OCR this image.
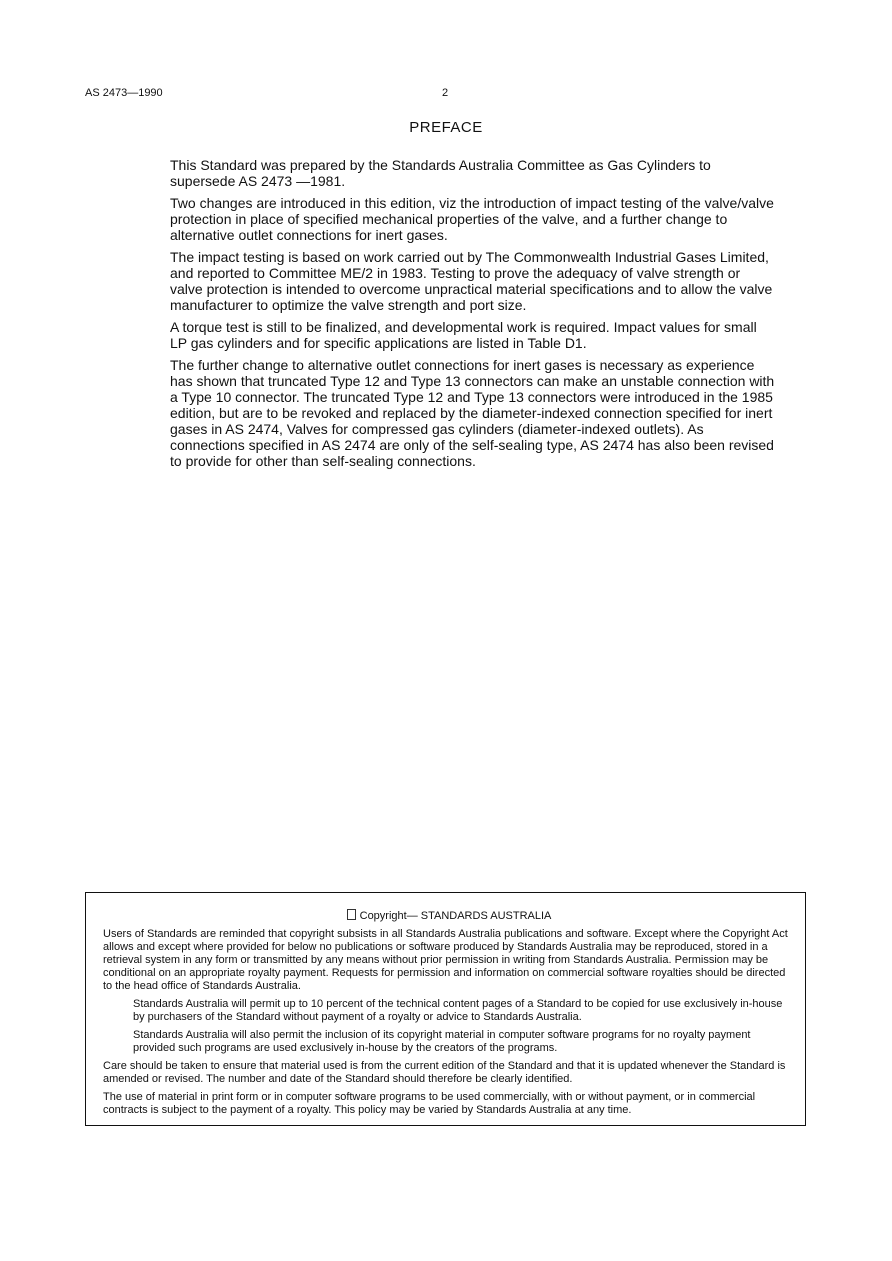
AS 2473—1990	2
PREFACE

This Standard was prepared by the Standards Australia Committee as Gas Cylinders to supersede AS 2473 —1981.

Two changes are introduced in this edition, viz the introduction of impact testing of the valve/valve protection in place of specified mechanical properties of the valve, and a further change to alternative outlet connections for inert gases.

The impact testing is based on work carried out by The Commonwealth Industrial Gases Limited, and reported to Committee ME/2 in 1983. Testing to prove the adequacy of valve strength or valve protection is intended to overcome unpractical material specifications and to allow the valve manufacturer to optimize the valve strength and port size.

A torque test is still to be finalized, and developmental work is required. Impact values for small LP gas cylinders and for specific applications are listed in Table D1.

The further change to alternative outlet connections for inert gases is necessary as experience has shown that truncated Type 12 and Type 13 connectors can make an unstable connection with a Type 10 connector. The truncated Type 12 and Type 13 connectors were introduced in the 1985 edition, but are to be revoked and replaced by the diameter-indexed connection specified for inert gases in AS 2474, Valves for compressed gas cylinders (diameter-indexed outlets). As connections specified in AS 2474 are only of the self-sealing type, AS 2474 has also been revised to provide for other than self-sealing connections.

Copyright— STANDARDS AUSTRALIA

Users of Standards are reminded that copyright subsists in all Standards Australia publications and software. Except where the Copyright Act allows and except where provided for below no publications or software produced by Standards Australia may be reproduced, stored in a retrieval system in any form or transmitted by any means without prior permission in writing from Standards Australia. Permission may be conditional on an appropriate royalty payment. Requests for permission and information on commercial software royalties should be directed to the head office of Standards Australia.

Standards Australia will permit up to 10 percent of the technical content pages of a Standard to be copied for use exclusively in-house by purchasers of the Standard without payment of a royalty or advice to Standards Australia.

Standards Australia will also permit the inclusion of its copyright material in computer software programs for no royalty payment provided such programs are used exclusively in-house by the creators of the programs.

Care should be taken to ensure that material used is from the current edition of the Standard and that it is updated whenever the Standard is amended or revised. The number and date of the Standard should therefore be clearly identified.

The use of material in print form or in computer software programs to be used commercially, with or without payment, or in commercial contracts is subject to the payment of a royalty. This policy may be varied by Standards Australia at any time.
